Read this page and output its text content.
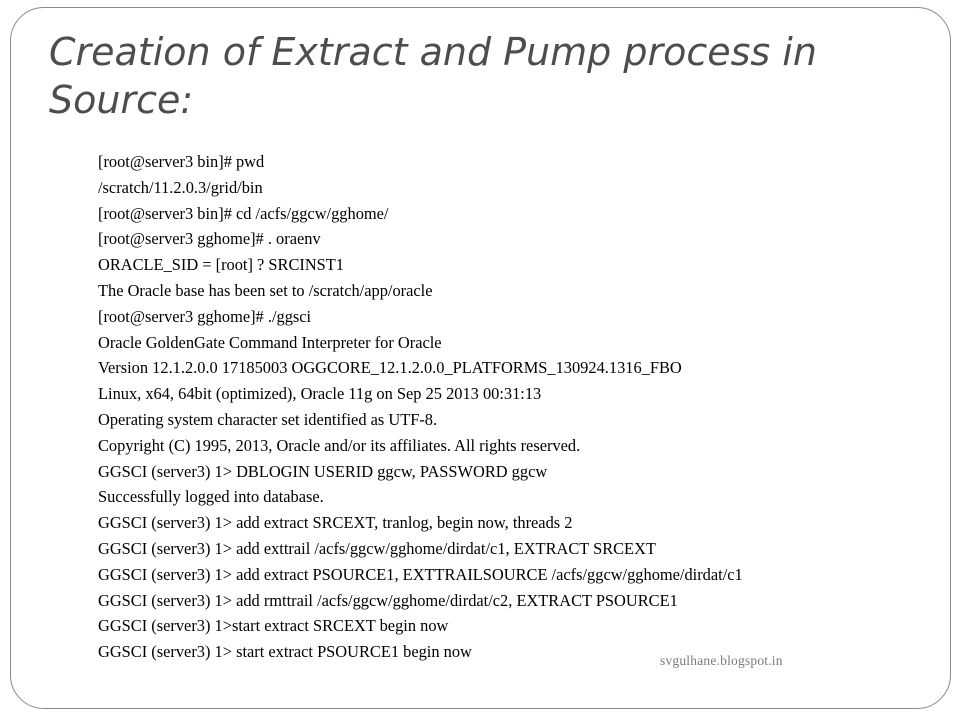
Creation of Extract and Pump process in Source:
[root@server3 bin]# pwd
/scratch/11.2.0.3/grid/bin
[root@server3 bin]# cd /acfs/ggcw/gghome/
[root@server3 gghome]# . oraenv
ORACLE_SID = [root] ? SRCINST1
The Oracle base has been set to /scratch/app/oracle
[root@server3 gghome]# ./ggsci
Oracle GoldenGate Command Interpreter for Oracle
Version 12.1.2.0.0 17185003 OGGCORE_12.1.2.0.0_PLATFORMS_130924.1316_FBO
Linux, x64, 64bit (optimized), Oracle 11g on Sep 25 2013 00:31:13
Operating system character set identified as UTF-8.
Copyright (C) 1995, 2013, Oracle and/or its affiliates. All rights reserved.
GGSCI (server3) 1> DBLOGIN USERID ggcw, PASSWORD ggcw
Successfully logged into database.
GGSCI (server3) 1> add extract SRCEXT, tranlog, begin now, threads 2
GGSCI (server3) 1> add exttrail /acfs/ggcw/gghome/dirdat/c1, EXTRACT SRCEXT
GGSCI (server3) 1> add extract PSOURCE1, EXTTRAILSOURCE /acfs/ggcw/gghome/dirdat/c1
GGSCI (server3) 1> add rmttrail /acfs/ggcw/gghome/dirdat/c2, EXTRACT PSOURCE1
GGSCI (server3) 1>start extract SRCEXT begin now
GGSCI (server3) 1> start extract PSOURCE1 begin now	svgulhane.blogspot.in
